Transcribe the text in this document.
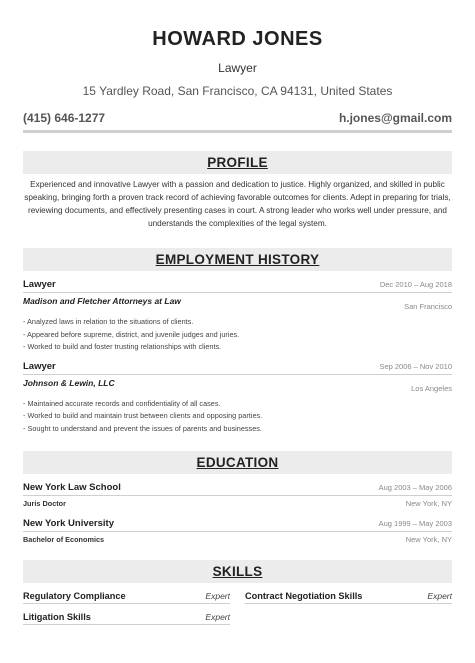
HOWARD JONES
Lawyer
15 Yardley Road, San Francisco, CA 94131, United States
(415) 646-1277	h.jones@gmail.com
PROFILE
Experienced and innovative Lawyer with a passion and dedication to justice. Highly organized, and skilled in public speaking, bringing forth a proven track record of achieving favorable outcomes for clients. Adept in preparing for trials, reviewing documents, and effectively presenting cases in court. A strong leader who works well under pressure, and understands the complexities of the legal system.
EMPLOYMENT HISTORY
Lawyer	Dec 2010 – Aug 2018
Madison and Fletcher Attorneys at Law
San Francisco
- Analyzed laws in relation to the situations of clients.
- Appeared before supreme, district, and juvenile judges and juries.
- Worked to build and foster trusting relationships with clients.
Lawyer	Sep 2006 – Nov 2010
Johnson & Lewin, LLC
Los Angeles
- Maintained accurate records and confidentiality of all cases.
- Worked to build and maintain trust between clients and opposing parties.
- Sought to understand and prevent the issues of parents and businesses.
EDUCATION
New York Law School	Aug 2003 – May 2006
Juris Doctor	New York, NY
New York University	Aug 1999 – May 2003
Bachelor of Economics	New York, NY
SKILLS
Regulatory Compliance	Expert
Litigation Skills	Expert
Contract Negotiation Skills	Expert
